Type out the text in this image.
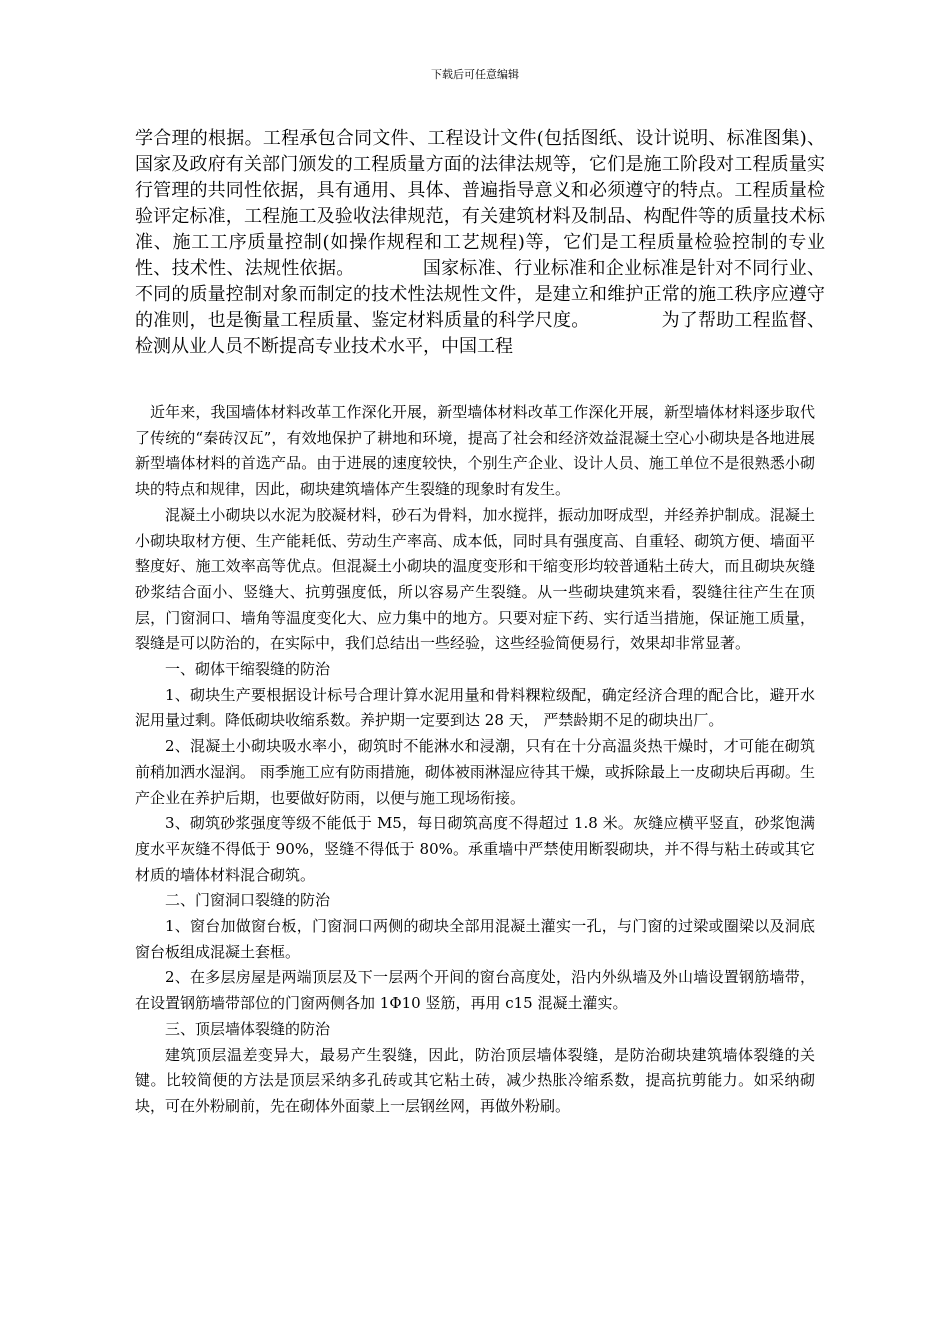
下载后可任意编辑

学合理的根据。工程承包合同文件、工程设计文件(包括图纸、设计说明、标准图集)、国家及政府有关部门颁发的工程质量方面的法律法规等，它们是施工阶段对工程质量实行管理的共同性依据，具有通用、具体、普遍指导意义和必须遵守的特点。工程质量检验评定标准，工程施工及验收法律规范，有关建筑材料及制品、构配件等的质量技术标准、施工工序质量控制(如操作规程和工艺规程)等，它们是工程质量检验控制的专业性、技术性、法规性依据。	国家标准、行业标准和企业标准是针对不同行业、不同的质量控制对象而制定的技术性法规性文件，是建立和维护正常的施工秩序应遵守的准则，也是衡量工程质量、鉴定材料质量的科学尺度。	为了帮助工程监督、检测从业人员不断提高专业技术水平，中国工程

近年来，我国墙体材料改革工作深化开展，新型墙体材料改革工作深化开展，新型墙体材料逐步取代了传统的“秦砖汉瓦”，有效地保护了耕地和环境，提高了社会和经济效益混凝土空心小砌块是各地进展新型墙体材料的首选产品。由于进展的速度较快，个别生产企业、设计人员、施工单位不是很熟悉小砌块的特点和规律，因此，砌块建筑墙体产生裂缝的现象时有发生。

混凝土小砌块以水泥为胶凝材料，砂石为骨料，加水搅拌，振动加呀成型，并经养护制成。混凝土小砌块取材方便、生产能耗低、劳动生产率高、成本低，同时具有强度高、自重轻、砌筑方便、墙面平整度好、施工效率高等优点。但混凝土小砌块的温度变形和干缩变形均较普通粘土砖大，而且砌块灰缝砂浆结合面小、竖缝大、抗剪强度低，所以容易产生裂缝。从一些砌块建筑来看，裂缝往往产生在顶层，门窗洞口、墙角等温度变化大、应力集中的地方。只要对症下药、实行适当措施，保证施工质量，裂缝是可以防治的，在实际中，我们总结出一些经验，这些经验简便易行，效果却非常显著。

一、砌体干缩裂缝的防治

1、砌块生产要根据设计标号合理计算水泥用量和骨料粿粒级配，确定经济合理的配合比，避开水泥用量过剩。降低砌块收缩系数。养护期一定要到达 28 天， 严禁龄期不足的砌块出厂。

2、混凝土小砌块吸水率小，砌筑时不能淋水和浸潮，只有在十分高温炎热干燥时，才可能在砌筑前稍加洒水湿润。 雨季施工应有防雨措施，砌体被雨淋湿应待其干燥，或拆除最上一皮砌块后再砌。生产企业在养护后期，也要做好防雨，以便与施工现场衔接。

3、砌筑砂浆强度等级不能低于 M5，每日砌筑高度不得超过 1.8 米。灰缝应横平竖直，砂浆饱满度水平灰缝不得低于 90%，竖缝不得低于 80%。承重墙中严禁使用断裂砌块，并不得与粘土砖或其它材质的墙体材料混合砌筑。

二、门窗洞口裂缝的防治

1、窗台加做窗台板，门窗洞口两侧的砌块全部用混凝土灌实一孔，与门窗的过梁或圈梁以及洞底窗台板组成混凝土套框。

2、在多层房屋是两端顶层及下一层两个开间的窗台高度处，沿内外纵墙及外山墙设置钢筋墙带，在设置钢筋墙带部位的门窗两侧各加 1Φ10 竖筋，再用 c15 混凝土灌实。

三、顶层墙体裂缝的防治

建筑顶层温差变异大，最易产生裂缝，因此，防治顶层墙体裂缝，是防治砌块建筑墙体裂缝的关键。比较简便的方法是顶层采纳多孔砖或其它粘土砖，减少热胀冷缩系数，提高抗剪能力。如采纳砌块，可在外粉刷前，先在砌体外面蒙上一层钢丝网，再做外粉刷。
